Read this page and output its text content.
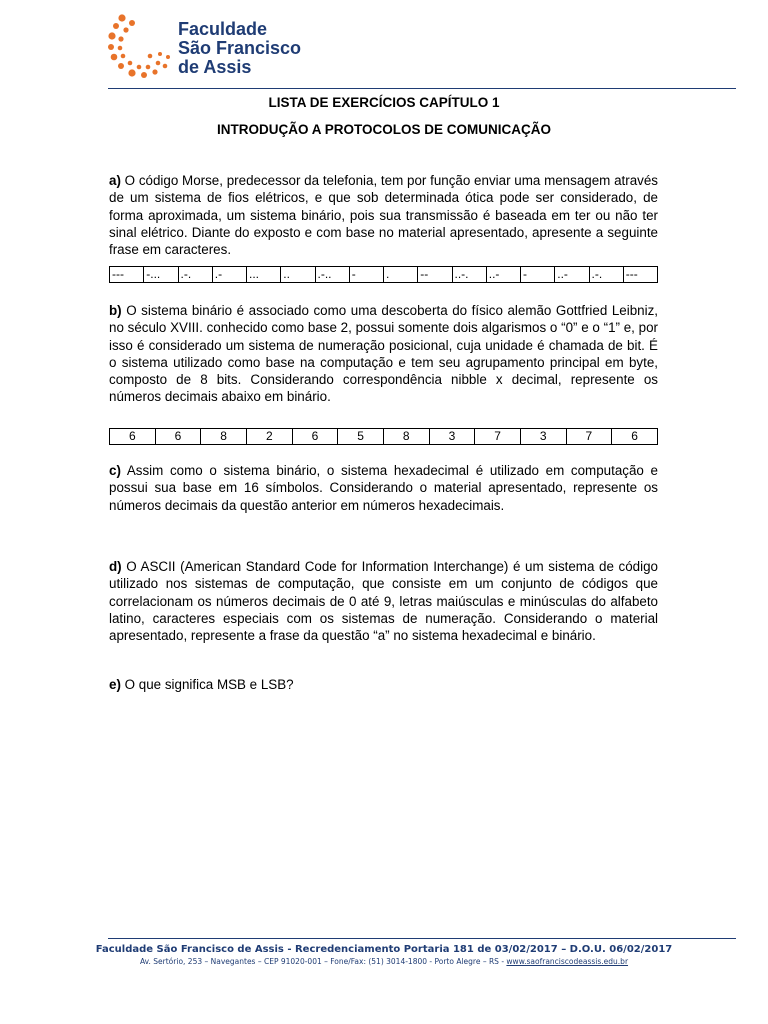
Faculdade
São Francisco
de Assis
LISTA DE EXERCÍCIOS CAPÍTULO 1
INTRODUÇÃO A PROTOCOLOS DE COMUNICAÇÃO
a) O código Morse, predecessor da telefonia, tem por função enviar uma mensagem através de um sistema de fios elétricos, e que sob determinada ótica pode ser considerado, de forma aproximada, um sistema binário, pois sua transmissão é baseada em ter ou não ter sinal elétrico. Diante do exposto e com base no material apresentado, apresente a seguinte frase em caracteres.
---	-...	.-.	.-	...	..	.-..	-	.	--	..-.	..-	-	..-	.-.	---
b) O sistema binário é associado como uma descoberta do físico alemão Gottfried Leibniz, no século XVIII. conhecido como base 2, possui somente dois algarismos o “0” e o “1” e, por isso é considerado um sistema de numeração posicional, cuja unidade é chamada de bit. É o sistema utilizado como base na computação e tem seu agrupamento principal em byte, composto de 8 bits. Considerando correspondência nibble x decimal, represente os números decimais abaixo em binário.
6	6	8	2	6	5	8	3	7	3	7	6
c) Assim como o sistema binário, o sistema hexadecimal é utilizado em computação e possui sua base em 16 símbolos. Considerando o material apresentado, represente os números decimais da questão anterior em números hexadecimais.
d) O ASCII (American Standard Code for Information Interchange) é um sistema de código utilizado nos sistemas de computação, que consiste em um conjunto de códigos que correlacionam os números decimais de 0 até 9, letras maiúsculas e minúsculas do alfabeto latino, caracteres especiais com os sistemas de numeração. Considerando o material apresentado, represente a frase da questão “a” no sistema hexadecimal e binário.
e) O que significa MSB e LSB?
Faculdade São Francisco de Assis - Recredenciamento Portaria 181 de 03/02/2017 – D.O.U. 06/02/2017
Av. Sertório, 253 – Navegantes – CEP 91020-001 – Fone/Fax: (51) 3014-1800 - Porto Alegre – RS - www.saofranciscodeassis.edu.br
